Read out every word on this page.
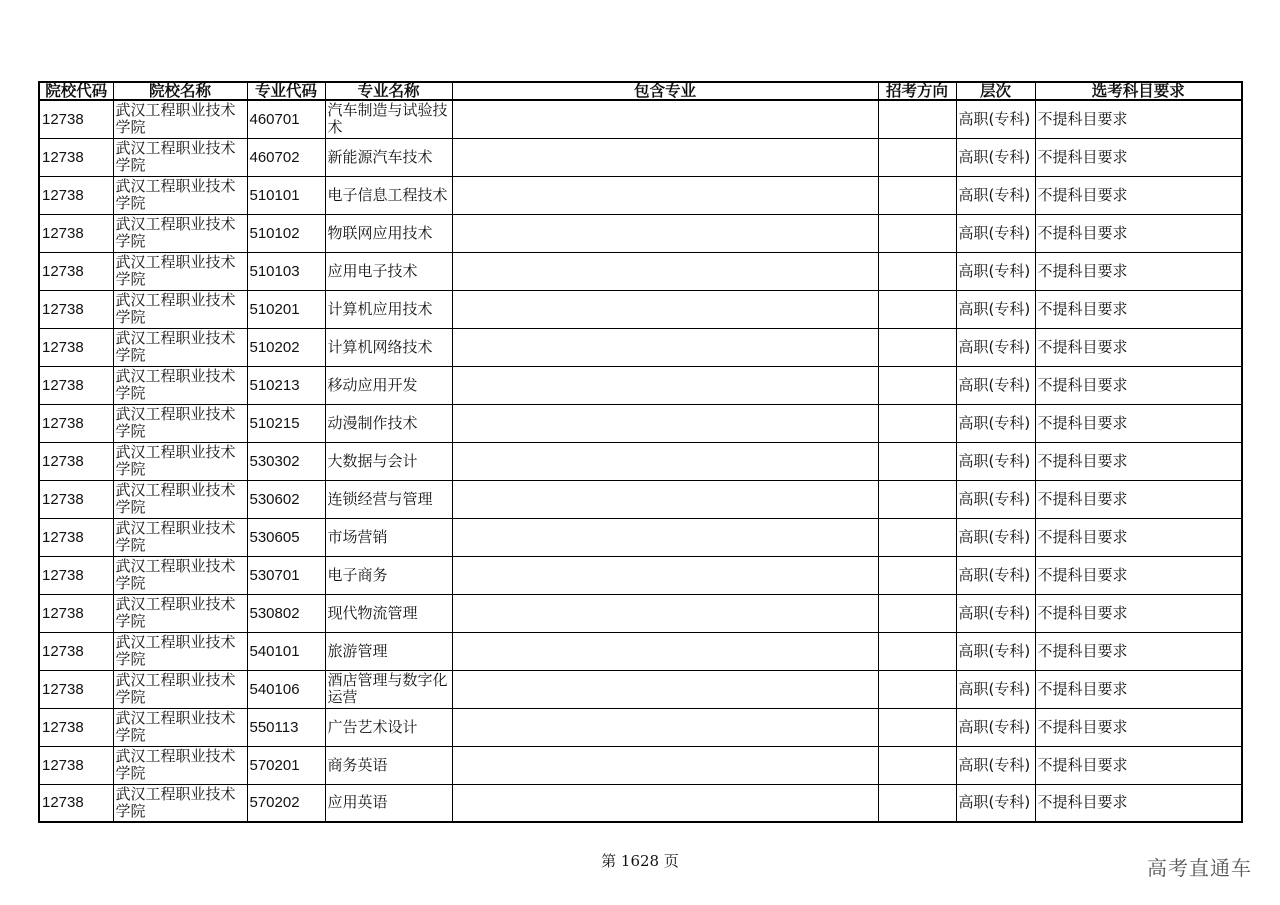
院校代码	院校名称	专业代码	专业名称	包含专业	招考方向	层次	选考科目要求
12738	武汉工程职业技术学院	460701	汽车制造与试验技术			高职(专科)	不提科目要求
12738	武汉工程职业技术学院	460702	新能源汽车技术			高职(专科)	不提科目要求
12738	武汉工程职业技术学院	510101	电子信息工程技术			高职(专科)	不提科目要求
12738	武汉工程职业技术学院	510102	物联网应用技术			高职(专科)	不提科目要求
12738	武汉工程职业技术学院	510103	应用电子技术			高职(专科)	不提科目要求
12738	武汉工程职业技术学院	510201	计算机应用技术			高职(专科)	不提科目要求
12738	武汉工程职业技术学院	510202	计算机网络技术			高职(专科)	不提科目要求
12738	武汉工程职业技术学院	510213	移动应用开发			高职(专科)	不提科目要求
12738	武汉工程职业技术学院	510215	动漫制作技术			高职(专科)	不提科目要求
12738	武汉工程职业技术学院	530302	大数据与会计			高职(专科)	不提科目要求
12738	武汉工程职业技术学院	530602	连锁经营与管理			高职(专科)	不提科目要求
12738	武汉工程职业技术学院	530605	市场营销			高职(专科)	不提科目要求
12738	武汉工程职业技术学院	530701	电子商务			高职(专科)	不提科目要求
12738	武汉工程职业技术学院	530802	现代物流管理			高职(专科)	不提科目要求
12738	武汉工程职业技术学院	540101	旅游管理			高职(专科)	不提科目要求
12738	武汉工程职业技术学院	540106	酒店管理与数字化运营			高职(专科)	不提科目要求
12738	武汉工程职业技术学院	550113	广告艺术设计			高职(专科)	不提科目要求
12738	武汉工程职业技术学院	570201	商务英语			高职(专科)	不提科目要求
12738	武汉工程职业技术学院	570202	应用英语			高职(专科)	不提科目要求
第 1628 页	高考直通车
